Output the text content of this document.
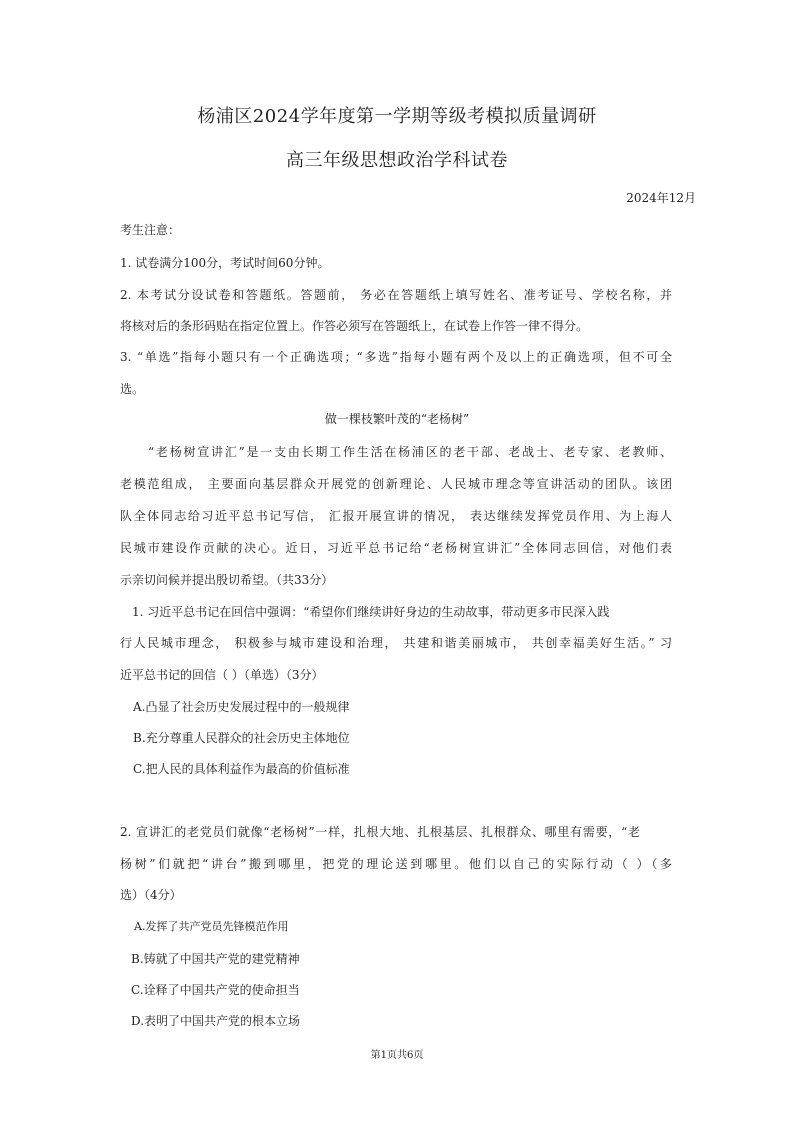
杨浦区2024学年度第一学期等级考模拟质量调研
高三年级思想政治学科试卷
2024年12月
考生注意：
1. 试卷满分100分，考试时间60分钟。
2. 本考试分设试卷和答题纸。答题前， 务必在答题纸上填写姓名、准考证号、学校名称，并
将核对后的条形码贴在指定位置上。作答必须写在答题纸上，在试卷上作答一律不得分。
3. “单选”指每小题只有一个正确选项；“多选”指每小题有两个及以上的正确选项，但不可全
选。
做一棵枝繁叶茂的“老杨树”
“老杨树宣讲汇”是一支由长期工作生活在杨浦区的老干部、老战士、老专家、老教师、
老模范组成， 主要面向基层群众开展党的创新理论、人民城市理念等宣讲活动的团队。该团
队全体同志给习近平总书记写信， 汇报开展宣讲的情况， 表达继续发挥党员作用、为上海人
民城市建设作贡献的决心。近日，习近平总书记给“老杨树宣讲汇”全体同志回信，对他们表
示亲切问候并提出殷切希望。（共33分）
1. 习近平总书记在回信中强调：“希望你们继续讲好身边的生动故事，带动更多市民深入践
行人民城市理念， 积极参与城市建设和治理， 共建和谐美丽城市， 共创幸福美好生活。” 习
近平总书记的回信（ ）（单选）（3分）
A.凸显了社会历史发展过程中的一般规律
B.充分尊重人民群众的社会历史主体地位
C.把人民的具体利益作为最高的价值标准
2. 宣讲汇的老党员们就像“老杨树”一样，扎根大地、扎根基层、扎根群众、哪里有需要，“老
杨树”们就把“讲台”搬到哪里，把党的理论送到哪里。他们以自己的实际行动（ ）（多
选）（4分）
A.发挥了共产党员先锋模范作用
B.铸就了中国共产党的建党精神
C.诠释了中国共产党的使命担当
D.表明了中国共产党的根本立场
第1页共6页
